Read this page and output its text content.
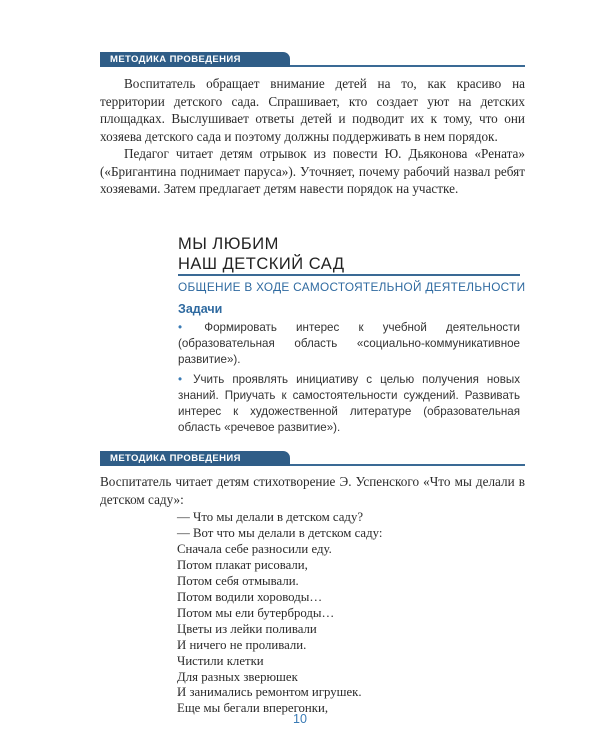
МЕТОДИКА ПРОВЕДЕНИЯ

Воспитатель обращает внимание детей на то, как красиво на территории детского сада. Спрашивает, кто создает уют на детских площадках. Выслушивает ответы детей и подводит их к тому, что они хозяева детского сада и поэтому должны поддерживать в нем порядок.

Педагог читает детям отрывок из повести Ю. Дьяконова «Рената» («Бригантина поднимает паруса»). Уточняет, почему рабочий назвал ребят хозяевами. Затем предлагает детям навести порядок на участке.

МЫ ЛЮБИМ
НАШ ДЕТСКИЙ САД
ОБЩЕНИЕ В ХОДЕ САМОСТОЯТЕЛЬНОЙ ДЕЯТЕЛЬНОСТИ
Задачи
• Формировать интерес к учебной деятельности (образовательная область «социально-коммуникативное развитие»).
• Учить проявлять инициативу с целью получения новых знаний. Приучать к самостоятельности суждений. Развивать интерес к художественной литературе (образовательная область «речевое развитие»).
МЕТОДИКА ПРОВЕДЕНИЯ

Воспитатель читает детям стихотворение Э. Успенского «Что мы делали в детском саду»:

— Что мы делали в детском саду?
— Вот что мы делали в детском саду:
Сначала себе разносили еду.
Потом плакат рисовали,
Потом себя отмывали.
Потом водили хороводы…
Потом мы ели бутерброды…
Цветы из лейки поливали
И ничего не проливали.
Чистили клетки
Для разных зверюшек
И занимались ремонтом игрушек.
Еще мы бегали вперегонки,
10
